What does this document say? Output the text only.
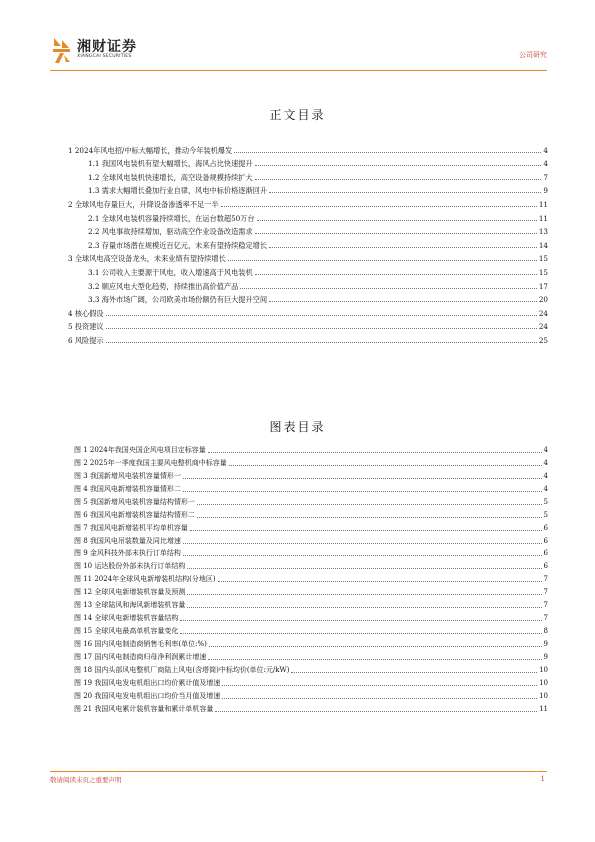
湘财证券
XIANGCAI SECURITIES	公司研究
正文目录
1 2024年风电招/中标大幅增长，推动今年装机爆发	4
1.1 我国风电装机有望大幅增长，海风占比快速提升	4
1.2 全球风电装机快速增长，高空设备规模持续扩大	7
1.3 需求大幅增长叠加行业自律，风电中标价格逐渐回升	9
2 全球风电存量巨大，升降设备渗透率不足一半	11
2.1 全球风电装机容量持续增长，在运台数超50万台	11
2.2 风电事故持续增加，驱动高空作业设备改造需求	13
2.3 存量市场潜在规模近百亿元，未来有望持续稳定增长	14
3 全球风电高空设备龙头，未来业绩有望持续增长	15
3.1 公司收入主要源于风电，收入增速高于风电装机	15
3.2 顺应风电大型化趋势，持续推出高价值产品	17
3.3 海外市场广阔，公司欧美市场份额仍有巨大提升空间	20
4 核心假设	24
5 投资建议	24
6 风险提示	25
图表目录
图 1 2024年我国央国企风电项目定标容量	4
图 2 2025年一季度我国主要风电整机商中标容量	4
图 3 我国新增风电装机容量情形一	4
图 4 我国风电新增装机容量情形二	4
图 5 我国新增风电装机容量结构情形一	5
图 6 我国风电新增装机容量结构情形二	5
图 7 我国风电新增装机平均单机容量	6
图 8 我国风电吊装数量及同比增速	6
图 9 金风科技外部未执行订单结构	6
图 10 运达股份外部未执行订单结构	6
图 11 2024年全球风电新增装机结构(分地区)	7
图 12 全球风电新增装机容量及预测	7
图 13 全球陆风和海风新增装机容量	7
图 14 全球风电新增装机容量结构	7
图 15 全球风电最高单机容量变化	8
图 16 国内风电制造商销售毛利率(单位:%)	9
图 17 国内风电制造商归母净利润累计增速	9
图 18 国内头部风电整机厂商陆上风电(含塔筒)中标均价(单位:元/kW)	10
图 19 我国风电发电机组出口均价累计值及增速	10
图 20 我国风电发电机组出口均价当月值及增速	10
图 21 我国风电累计装机容量和累计单机容量	11
敬请阅读末页之重要声明	1
